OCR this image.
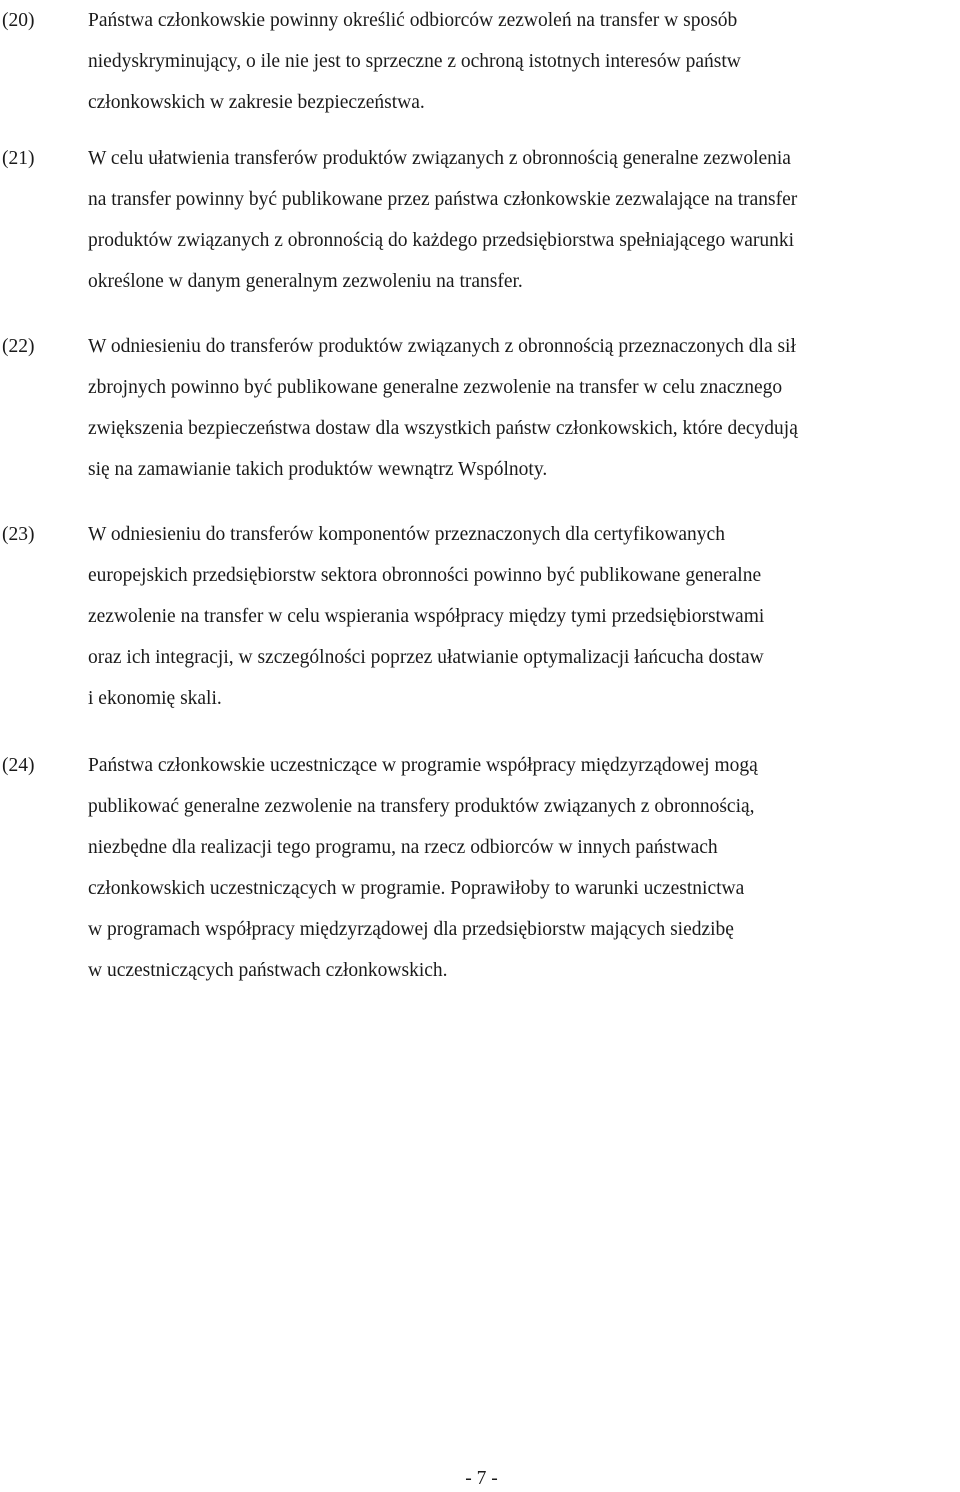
(20)	Państwa członkowskie powinny określić odbiorców zezwoleń na transfer w sposób
niedyskryminujący, o ile nie jest to sprzeczne z ochroną istotnych interesów państw
członkowskich w zakresie bezpieczeństwa.
(21)	W celu ułatwienia transferów produktów związanych z obronnością generalne zezwolenia
na transfer powinny być publikowane przez państwa członkowskie zezwalające na transfer
produktów związanych z obronnością do każdego przedsiębiorstwa spełniającego warunki
określone w danym generalnym zezwoleniu na transfer.
(22)	W odniesieniu do transferów produktów związanych z obronnością przeznaczonych dla sił
zbrojnych powinno być publikowane generalne zezwolenie na transfer w celu znacznego
zwiększenia bezpieczeństwa dostaw dla wszystkich państw członkowskich, które decydują
się na zamawianie takich produktów wewnątrz Wspólnoty.
(23)	W odniesieniu do transferów komponentów przeznaczonych dla certyfikowanych
europejskich przedsiębiorstw sektora obronności powinno być publikowane generalne
zezwolenie na transfer w celu wspierania współpracy między tymi przedsiębiorstwami
oraz ich integracji, w szczególności poprzez ułatwianie optymalizacji łańcucha dostaw
i ekonomię skali.
(24)	Państwa członkowskie uczestniczące w programie współpracy międzyrządowej mogą
publikować generalne zezwolenie na transfery produktów związanych z obronnością,
niezbędne dla realizacji tego programu, na rzecz odbiorców w innych państwach
członkowskich uczestniczących w programie. Poprawiłoby to warunki uczestnictwa
w programach współpracy międzyrządowej dla przedsiębiorstw mających siedzibę
w uczestniczących państwach członkowskich.
- 7 -
